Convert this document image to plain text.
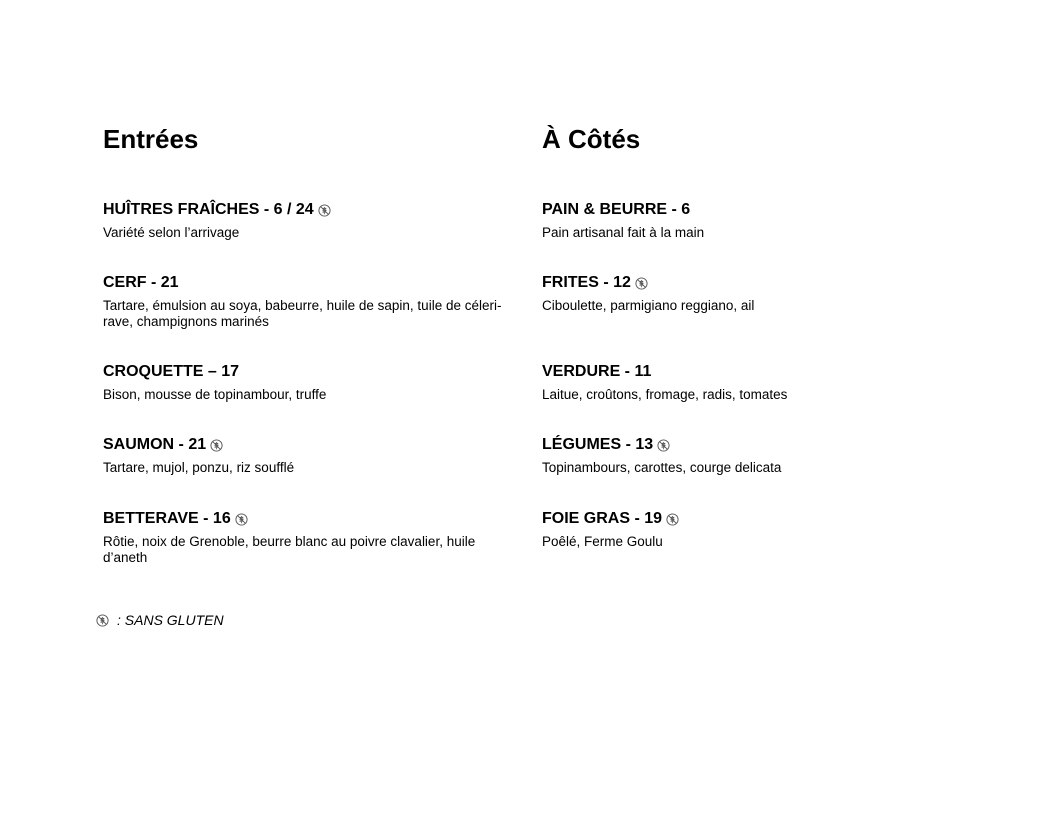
Entrées
HUÎTRES FRAÎCHES - 6 / 24
Variété selon l’arrivage
CERF - 21
Tartare, émulsion au soya, babeurre, huile de sapin, tuile de céleri-rave, champignons marinés
CROQUETTE – 17
Bison, mousse de topinambour, truffe
SAUMON - 21
Tartare, mujol, ponzu, riz soufflé
BETTERAVE - 16
Rôtie, noix de Grenoble, beurre blanc au poivre clavalier, huile d’aneth
À Côtés
PAIN & BEURRE - 6
Pain artisanal fait à la main
FRITES - 12
Ciboulette, parmigiano reggiano, ail
VERDURE - 11
Laitue, croûtons, fromage, radis, tomates
LÉGUMES - 13
Topinambours, carottes, courge delicata
FOIE GRAS - 19
Poêlé, Ferme Goulu
: SANS GLUTEN
